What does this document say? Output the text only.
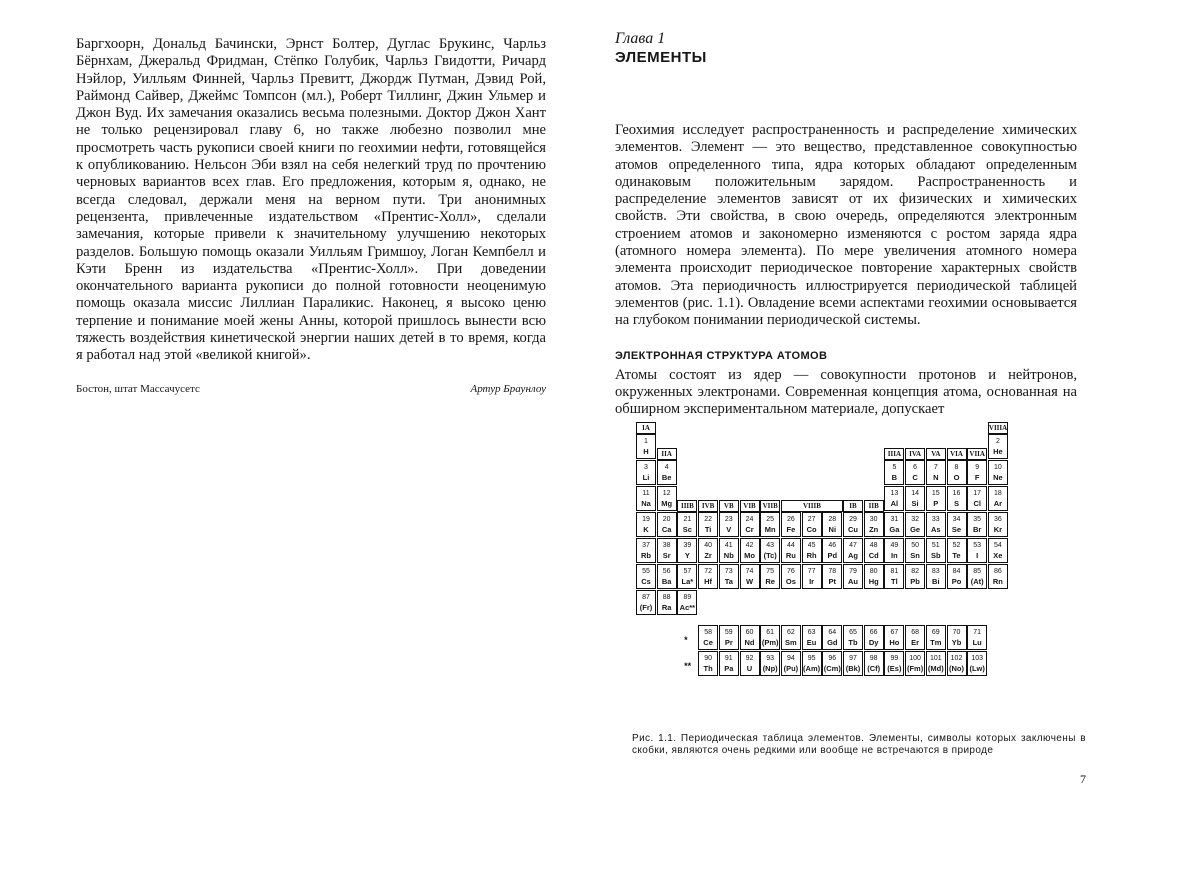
Баргхоорн, Дональд Бачински, Эрнст Болтер, Дуглас Брукинс, Чарльз Бёрнхам, Джеральд Фридман, Стёпко Голубик, Чарльз Гвидотти, Ричард Нэйлор, Уилльям Финней, Чарльз Превитт, Джордж Путман, Дэвид Рой, Раймонд Сайвер, Джеймс Томпсон (мл.), Роберт Тиллинг, Джин Ульмер и Джон Вуд. Их замечания оказались весьма полезными. Доктор Джон Хант не только рецензировал главу 6, но также любезно позволил мне просмотреть часть рукописи своей книги по геохимии нефти, готовящейся к опубликованию. Нельсон Эби взял на себя нелегкий труд по прочтению черновых вариантов всех глав. Его предложения, которым я, однако, не всегда следовал, держали меня на верном пути. Три анонимных рецензента, привлеченные издательством «Прентис-Холл», сделали замечания, которые привели к значительному улучшению некоторых разделов. Большую помощь оказали Уилльям Гримшоу, Логан Кемпбелл и Кэти Бренн из издательства «Прентис-Холл». При доведении окончательного варианта рукописи до полной готовности неоценимую помощь оказала миссис Лиллиан Параликис. Наконец, я высоко ценю терпение и понимание моей жены Анны, которой пришлось вынести всю тяжесть воздействия кинетической энергии наших детей в то время, когда я работал над этой «великой книгой».

Бостон, штат Массачусетс	Артур Браунлоу

Глава 1

ЭЛЕМЕНТЫ

Геохимия исследует распространенность и распределение химических элементов. Элемент — это вещество, представленное совокупностью атомов определенного типа, ядра которых обладают определенным одинаковым положительным зарядом. Распространенность и распределение элементов зависят от их физических и химических свойств. Эти свойства, в свою очередь, определяются электронным строением атомов и закономерно изменяются с ростом заряда ядра (атомного номера элемента). По мере увеличения атомного номера элемента происходит периодическое повторение характерных свойств атомов. Эта периодичность иллюстрируется периодической таблицей элементов (рис. 1.1). Овладение всеми аспектами геохимии основывается на глубоком понимании периодической системы.

ЭЛЕКТРОННАЯ СТРУКТУРА АТОМОВ

Атомы состоят из ядер — совокупности протонов и нейтронов, окруженных электронами. Современная концепция атома, основанная на обширном экспериментальном материале, допускает

1
H
2
He
3
Li
4
Be
5
B
6
C
7
N
8
O
9
F
10
Ne
11
Na
12
Mg
13
Al
14
Si
15
P
16
S
17
Cl
18
Ar
19
K
20
Ca
21
Sc
22
Ti
23
V
24
Cr
25
Mn
26
Fe
27
Co
28
Ni
29
Cu
30
Zn
31
Ga
32
Ge
33
As
34
Se
35
Br
36
Kr
37
Rb
38
Sr
39
Y
40
Zr
41
Nb
42
Mo
43
(Tc)
44
Ru
45
Rh
46
Pd
47
Ag
48
Cd
49
In
50
Sn
51
Sb
52
Te
53
I
54
Xe
55
Cs
56
Ba
57
La*
72
Hf
73
Ta
74
W
75
Re
76
Os
77
Ir
78
Pt
79
Au
80
Hg
81
Tl
82
Pb
83
Bi
84
Po
85
(At)
86
Rn
87
(Fr)
88
Ra
89
Ac**
58
Ce
59
Pr
60
Nd
61
(Pm)
62
Sm
63
Eu
64
Gd
65
Tb
66
Dy
67
Ho
68
Er
69
Tm
70
Yb
71
Lu
90
Th
91
Pa
92
U
93
(Np)
94
(Pu)
95
(Am)
96
(Cm)
97
(Bk)
98
(Cf)
99
(Es)
100
(Fm)
101
(Md)
102
(No)
103
(Lw)
IA
IIA	IIIA	IVA	VA	VIA VIIA
VIIIA
IIIB	IVB	VB	VIB VIIB	VIIIB	IB	IIB
*
**

Рис. 1.1. Периодическая таблица элементов. Элементы, символы которых заключены в скобки, являются очень редкими или вообще не встречаются в природе

7
